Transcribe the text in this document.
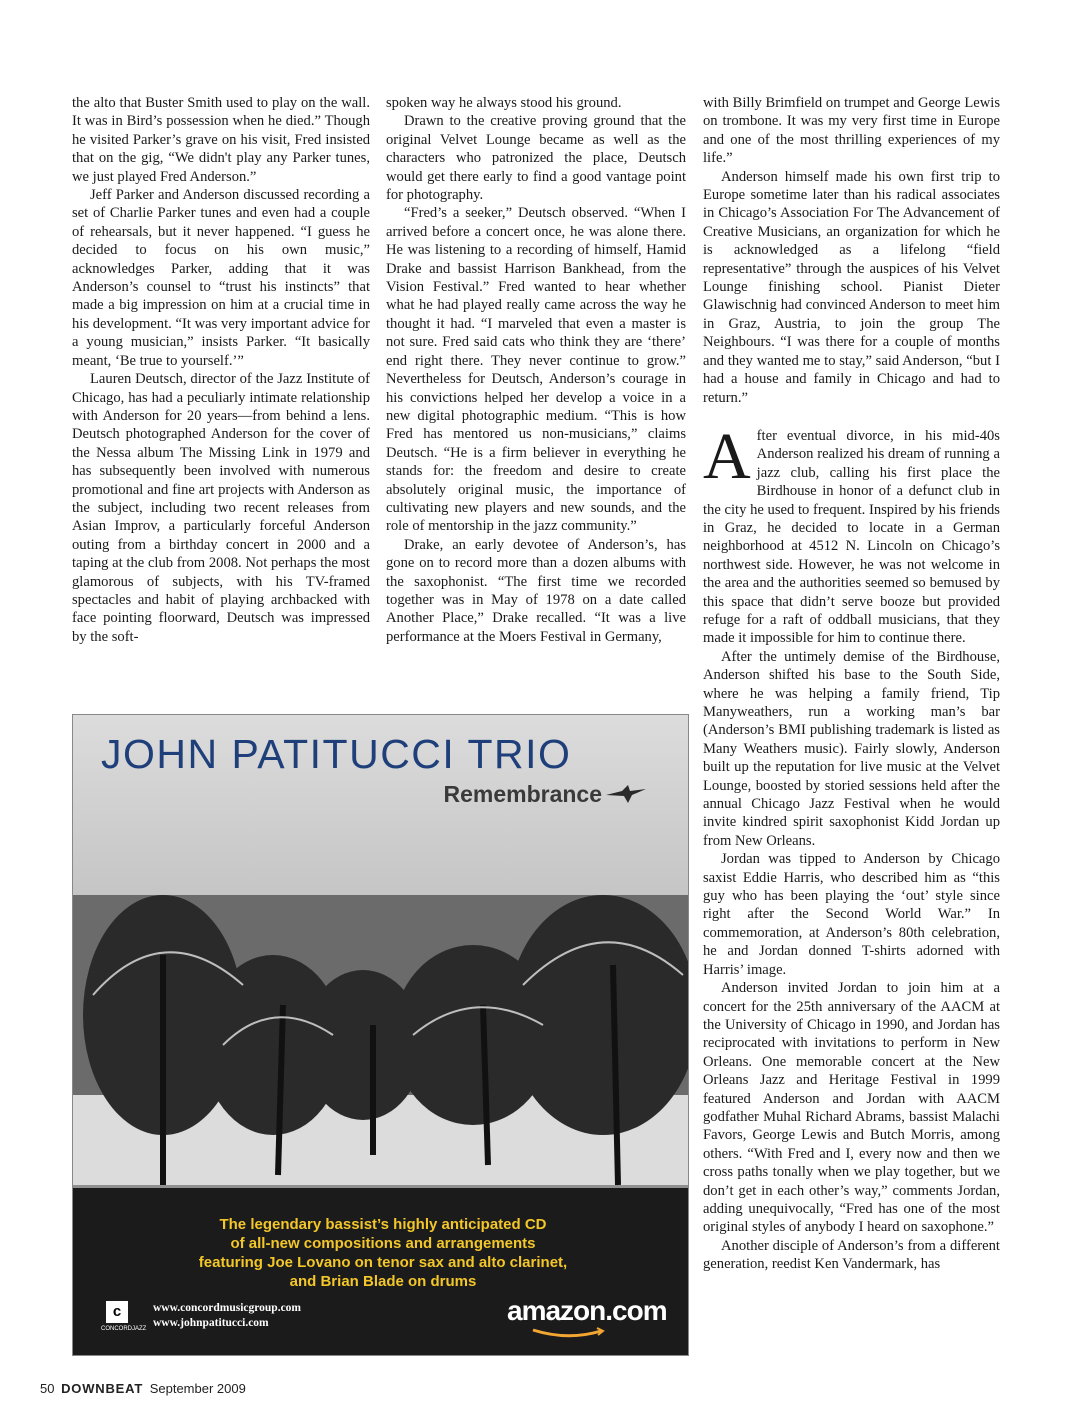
the alto that Buster Smith used to play on the wall. It was in Bird’s possession when he died.” Though he visited Parker’s grave on his visit, Fred insisted that on the gig, “We didn't play any Parker tunes, we just played Fred Anderson.”

Jeff Parker and Anderson discussed recording a set of Charlie Parker tunes and even had a couple of rehearsals, but it never happened. “I guess he decided to focus on his own music,” acknowledges Parker, adding that it was Anderson’s counsel to “trust his instincts” that made a big impression on him at a crucial time in his development. “It was very important advice for a young musician,” insists Parker. “It basically meant, ‘Be true to yourself.’”

Lauren Deutsch, director of the Jazz Institute of Chicago, has had a peculiarly intimate relationship with Anderson for 20 years—from behind a lens. Deutsch photographed Anderson for the cover of the Nessa album The Missing Link in 1979 and has subsequently been involved with numerous promotional and fine art projects with Anderson as the subject, including two recent releases from Asian Improv, a particularly forceful Anderson outing from a birthday concert in 2000 and a taping at the club from 2008. Not perhaps the most glamorous of subjects, with his TV-framed spectacles and habit of playing archbacked with face pointing floorward, Deutsch was impressed by the soft-

spoken way he always stood his ground.

Drawn to the creative proving ground that the original Velvet Lounge became as well as the characters who patronized the place, Deutsch would get there early to find a good vantage point for photography.

“Fred’s a seeker,” Deutsch observed. “When I arrived before a concert once, he was alone there. He was listening to a recording of himself, Hamid Drake and bassist Harrison Bankhead, from the Vision Festival.” Fred wanted to hear whether what he had played really came across the way he thought it had. “I marveled that even a master is not sure. Fred said cats who think they are ‘there’ end right there. They never continue to grow.” Nevertheless for Deutsch, Anderson’s courage in his convictions helped her develop a voice in a new digital photographic medium. “This is how Fred has mentored us non-musicians,” claims Deutsch. “He is a firm believer in everything he stands for: the freedom and desire to create absolutely original music, the importance of cultivating new players and new sounds, and the role of mentorship in the jazz community.”

Drake, an early devotee of Anderson’s, has gone on to record more than a dozen albums with the saxophonist. “The first time we recorded together was in May of 1978 on a date called Another Place,” Drake recalled. “It was a live performance at the Moers Festival in Germany,

with Billy Brimfield on trumpet and George Lewis on trombone. It was my very first time in Europe and one of the most thrilling experiences of my life.”

Anderson himself made his own first trip to Europe sometime later than his radical associates in Chicago’s Association For The Advancement of Creative Musicians, an organization for which he is acknowledged as a lifelong “field representative” through the auspices of his Velvet Lounge finishing school. Pianist Dieter Glawischnig had convinced Anderson to meet him in Graz, Austria, to join the group The Neighbours. “I was there for a couple of months and they wanted me to stay,” said Anderson, “but I had a house and family in Chicago and had to return.”

After eventual divorce, in his mid-40s Anderson realized his dream of running a jazz club, calling his first place the Birdhouse in honor of a defunct club in the city he used to frequent. Inspired by his friends in Graz, he decided to locate in a German neighborhood at 4512 N. Lincoln on Chicago’s northwest side. However, he was not welcome in the area and the authorities seemed so bemused by this space that didn’t serve booze but provided refuge for a raft of oddball musicians, that they made it impossible for him to continue there.

After the untimely demise of the Birdhouse, Anderson shifted his base to the South Side, where he was helping a family friend, Tip Manyweathers, run a working man’s bar (Anderson’s BMI publishing trademark is listed as Many Weathers music). Fairly slowly, Anderson built up the reputation for live music at the Velvet Lounge, boosted by storied sessions held after the annual Chicago Jazz Festival when he would invite kindred spirit saxophonist Kidd Jordan up from New Orleans.

Jordan was tipped to Anderson by Chicago saxist Eddie Harris, who described him as “this guy who has been playing the ‘out’ style since right after the Second World War.” In commemoration, at Anderson’s 80th celebration, he and Jordan donned T-shirts adorned with Harris’ image.

Anderson invited Jordan to join him at a concert for the 25th anniversary of the AACM at the University of Chicago in 1990, and Jordan has reciprocated with invitations to perform in New Orleans. One memorable concert at the New Orleans Jazz and Heritage Festival in 1999 featured Anderson and Jordan with AACM godfather Muhal Richard Abrams, bassist Malachi Favors, George Lewis and Butch Morris, among others. “With Fred and I, every now and then we cross paths tonally when we play together, but we don’t get in each other’s way,” comments Jordan, adding unequivocally, “Fred has one of the most original styles of anybody I heard on saxophone.”

Another disciple of Anderson’s from a different generation, reedist Ken Vandermark, has

JOHN PATITUCCI TRIO
Remembrance
The legendary bassist’s highly anticipated CD
of all-new compositions and arrangements
featuring Joe Lovano on tenor sax and alto clarinet,
and Brian Blade on drums
c
CONCORDJAZZ
www.concordmusicgroup.com
www.johnpatitucci.com	amazon.com
50 DOWNBEAT September 2009
